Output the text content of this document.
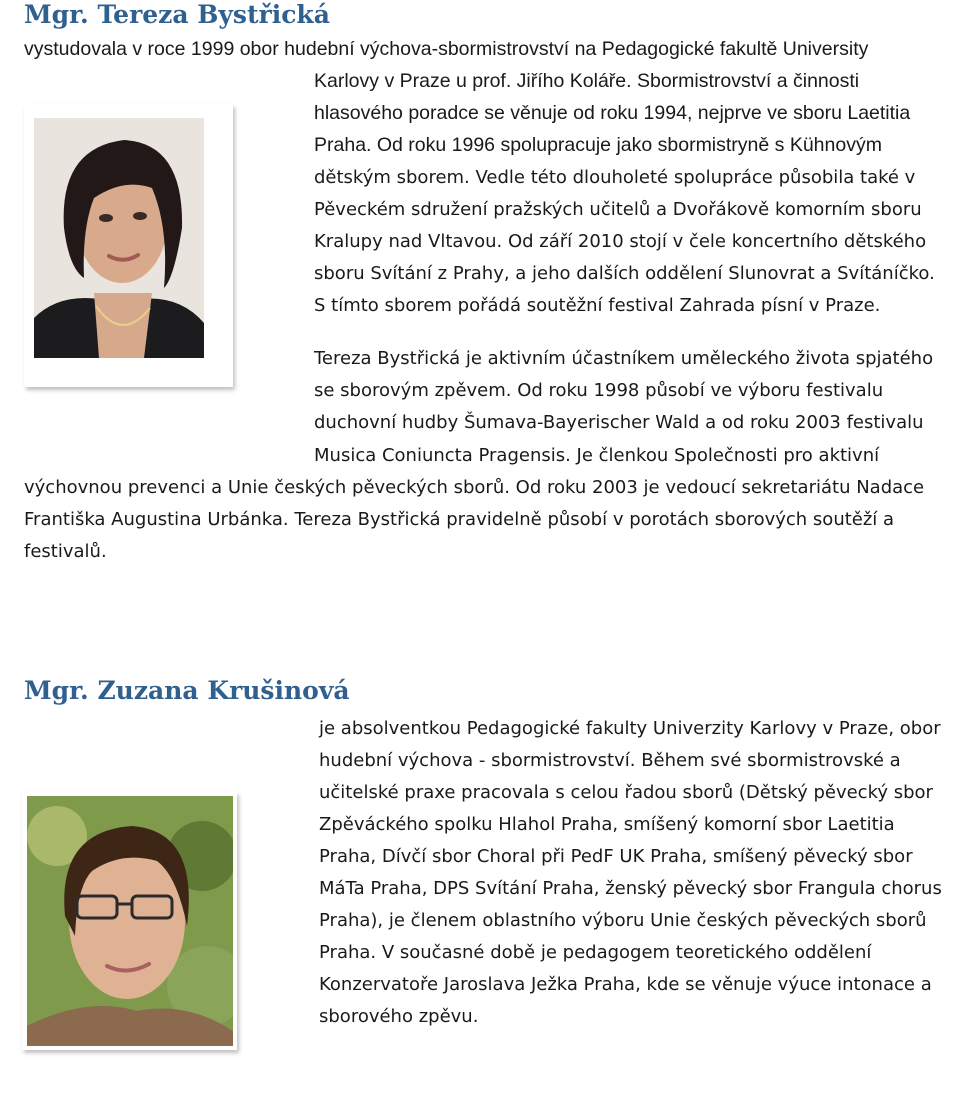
Mgr. Tereza Bystřická
vystudovala v roce 1999 obor hudební výchova-sbormistrovství na Pedagogické fakultě University
Karlovy v Praze u prof. Jiřího Koláře. Sbormistrovství a činnosti
hlasového poradce se věnuje od roku 1994, nejprve ve sboru Laetitia
Praha. Od roku 1996 spolupracuje jako sbormistryně s Kühnovým
dětským sborem. Vedle této dlouholeté spolupráce působila také v
Pěveckém sdružení pražských učitelů a Dvořákově komorním sboru
Kralupy nad Vltavou. Od září 2010 stojí v čele koncertního dětského
sboru Svítání z Prahy, a jeho dalších oddělení Slunovrat a Svítáníčko.
S tímto sborem pořádá soutěžní festival Zahrada písní v Praze.
Tereza Bystřická je aktivním účastníkem uměleckého života spjatého
se sborovým zpěvem. Od roku 1998 působí ve výboru festivalu
duchovní hudby Šumava-Bayerischer Wald a od roku 2003 festivalu
Musica Coniuncta Pragensis. Je členkou Společnosti pro aktivní
výchovnou prevenci a Unie českých pěveckých sborů. Od roku 2003 je vedoucí sekretariátu Nadace
Františka Augustina Urbánka. Tereza Bystřická pravidelně působí v porotách sborových soutěží a
festivalů.
Mgr. Zuzana Krušinová
je absolventkou Pedagogické fakulty Univerzity Karlovy v Praze, obor
hudební výchova - sbormistrovství. Během své sbormistrovské a
učitelské praxe pracovala s celou řadou sborů (Dětský pěvecký sbor
Zpěváckého spolku Hlahol Praha, smíšený komorní sbor Laetitia
Praha, Dívčí sbor Choral při PedF UK Praha, smíšený pěvecký sbor
MáTa Praha, DPS Svítání Praha, ženský pěvecký sbor Frangula chorus
Praha), je členem oblastního výboru Unie českých pěveckých sborů
Praha. V současné době je pedagogem teoretického oddělení
Konzervatoře Jaroslava Ježka Praha, kde se věnuje výuce intonace a
sborového zpěvu.
